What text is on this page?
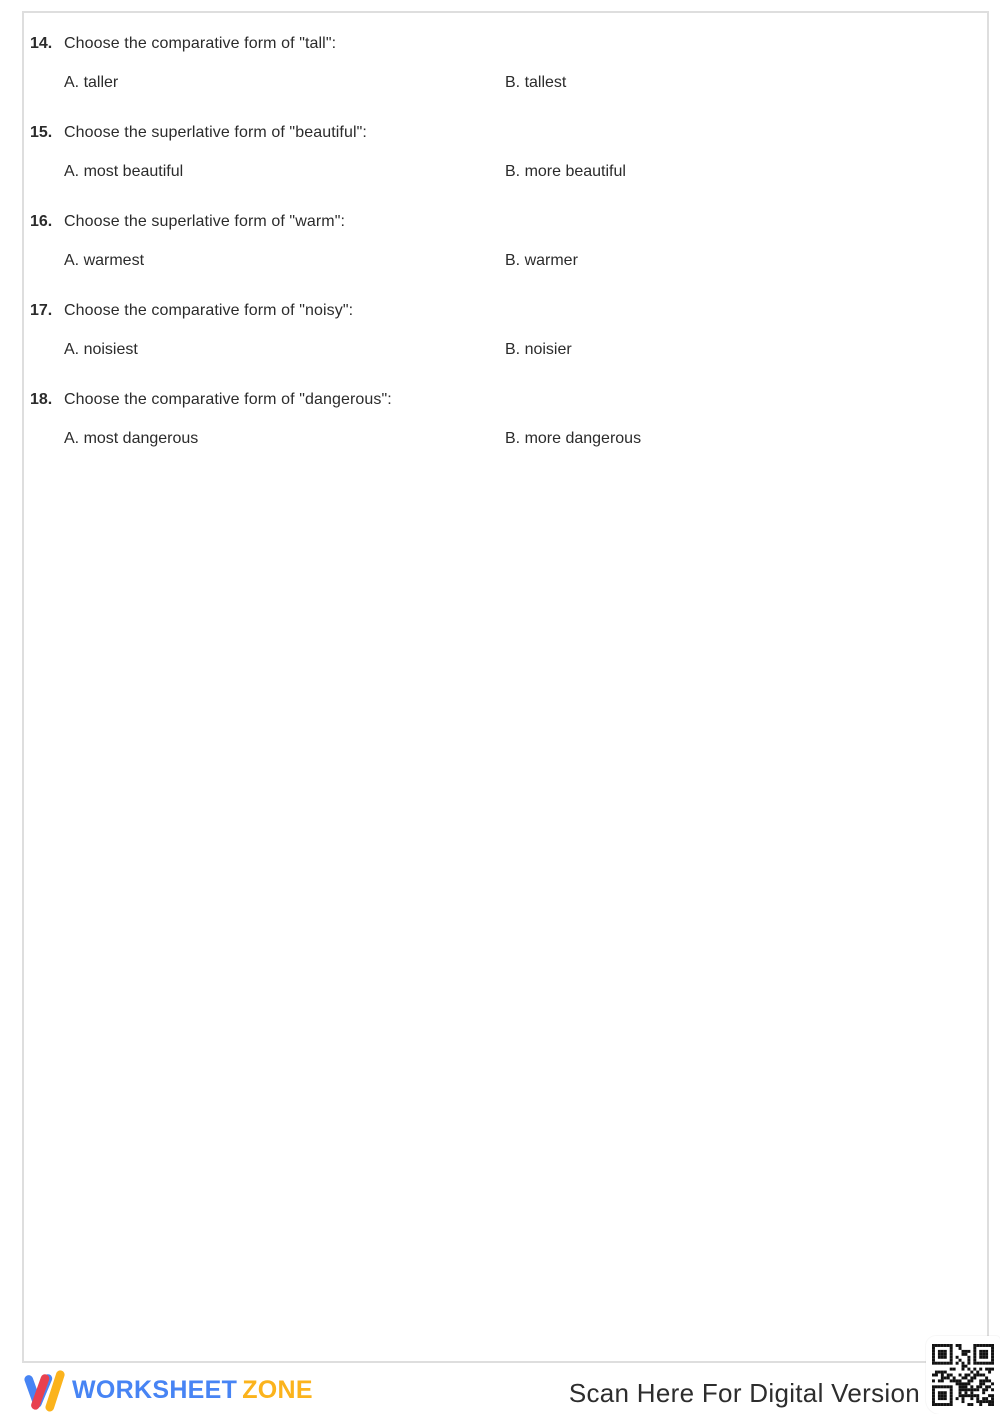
14. Choose the comparative form of "tall":
A. taller	B. tallest
15. Choose the superlative form of "beautiful":
A. most beautiful	B. more beautiful
16. Choose the superlative form of "warm":
A. warmest	B. warmer
17. Choose the comparative form of "noisy":
A. noisiest	B. noisier
18. Choose the comparative form of "dangerous":
A. most dangerous	B. more dangerous
WORKSHEET ZONE	Scan Here For Digital Version
